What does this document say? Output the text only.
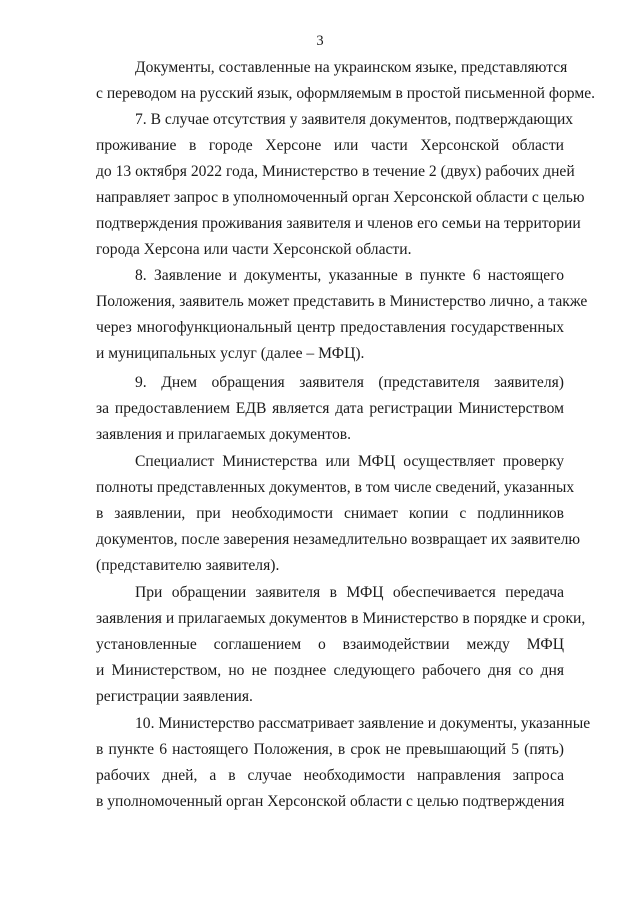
3
Документы, составленные на украинском языке, представляются
с переводом на русский язык, оформляемым в простой письменной форме.
7. В случае отсутствия у заявителя документов, подтверждающих
проживание в городе Херсоне или части Херсонской области
до 13 октября 2022 года, Министерство в течение 2 (двух) рабочих дней
направляет запрос в уполномоченный орган Херсонской области с целью
подтверждения проживания заявителя и членов его семьи на территории
города Херсона или части Херсонской области.
8. Заявление и документы, указанные в пункте 6 настоящего
Положения, заявитель может представить в Министерство лично, а также
через многофункциональный центр предоставления государственных
и муниципальных услуг (далее – МФЦ).
9. Днем обращения заявителя (представителя заявителя)
за предоставлением ЕДВ является дата регистрации Министерством
заявления и прилагаемых документов.
Специалист Министерства или МФЦ осуществляет проверку
полноты представленных документов, в том числе сведений, указанных
в заявлении, при необходимости снимает копии с подлинников
документов, после заверения незамедлительно возвращает их заявителю
(представителю заявителя).
При обращении заявителя в МФЦ обеспечивается передача
заявления и прилагаемых документов в Министерство в порядке и сроки,
установленные соглашением о взаимодействии между МФЦ
и Министерством, но не позднее следующего рабочего дня со дня
регистрации заявления.
10. Министерство рассматривает заявление и документы, указанные
в пункте 6 настоящего Положения, в срок не превышающий 5 (пять)
рабочих дней, а в случае необходимости направления запроса
в уполномоченный орган Херсонской области с целью подтверждения
